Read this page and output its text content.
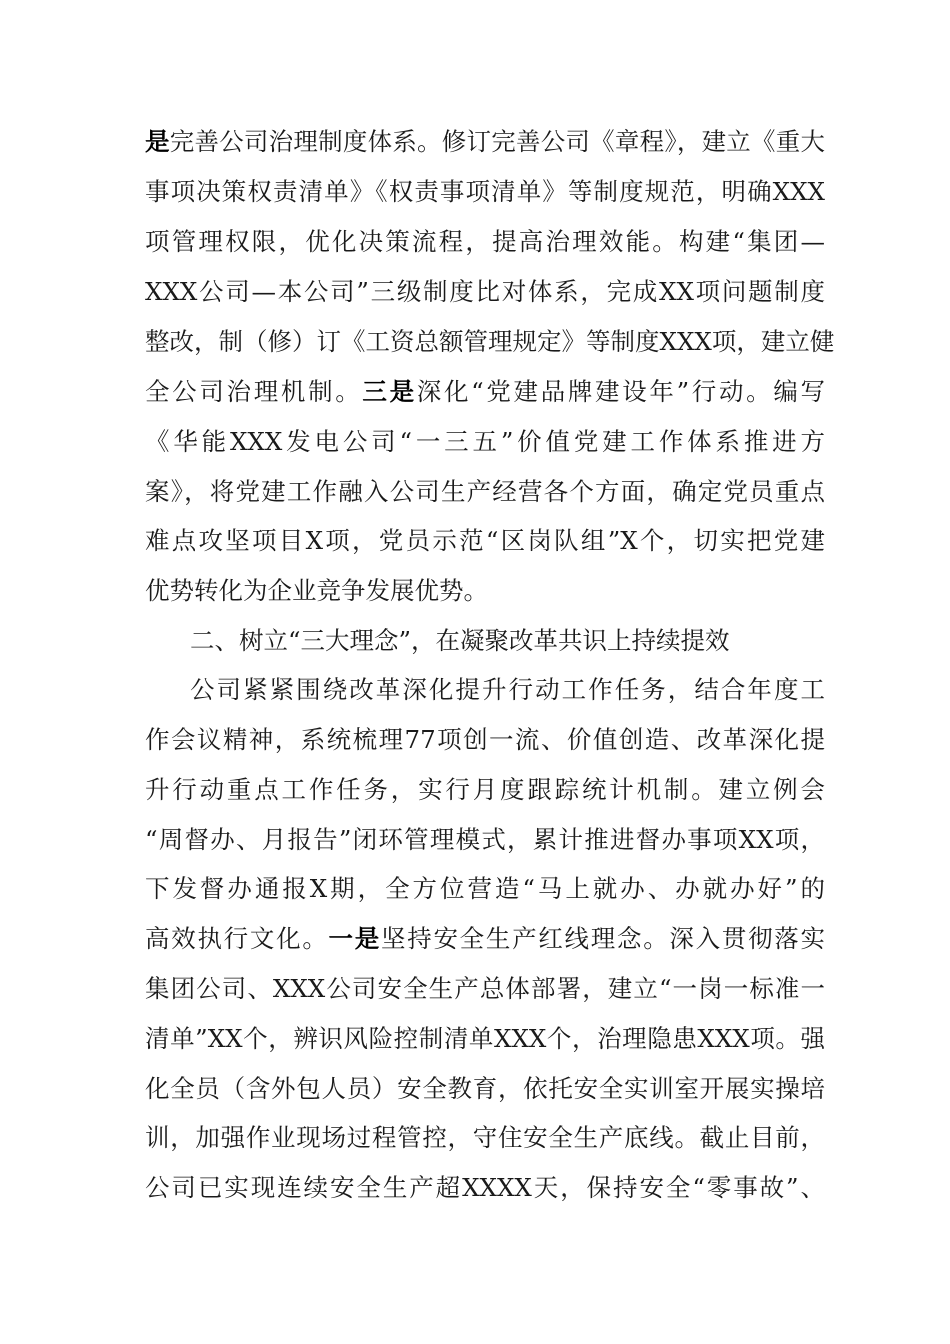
是完善公司治理制度体系。修订完善公司《章程》，建立《重大
事项决策权责清单》《权责事项清单》等制度规范，明确XXX
项管理权限，优化决策流程，提高治理效能。构建“集团—
XXX公司—本公司”三级制度比对体系，完成XX项问题制度
整改，制（修）订《工资总额管理规定》等制度XXX项，建立健
全公司治理机制。三是深化“党建品牌建设年”行动。编写
《华能XXX发电公司“一三五”价值党建工作体系推进方
案》，将党建工作融入公司生产经营各个方面，确定党员重点
难点攻坚项目X项，党员示范“区岗队组”X个，切实把党建
优势转化为企业竞争发展优势。
二、树立“三大理念”，在凝聚改革共识上持续提效
公司紧紧围绕改革深化提升行动工作任务，结合年度工
作会议精神，系统梳理77项创一流、价值创造、改革深化提
升行动重点工作任务，实行月度跟踪统计机制。建立例会
“周督办、月报告”闭环管理模式，累计推进督办事项XX项，
下发督办通报X期，全方位营造“马上就办、办就办好”的
高效执行文化。一是坚持安全生产红线理念。深入贯彻落实
集团公司、XXX公司安全生产总体部署，建立“一岗一标准一
清单”XX个，辨识风险控制清单XXX个，治理隐患XXX项。强
化全员（含外包人员）安全教育，依托安全实训室开展实操培
训，加强作业现场过程管控，守住安全生产底线。截止目前，
公司已实现连续安全生产超XXXX天，保持安全“零事故”、
